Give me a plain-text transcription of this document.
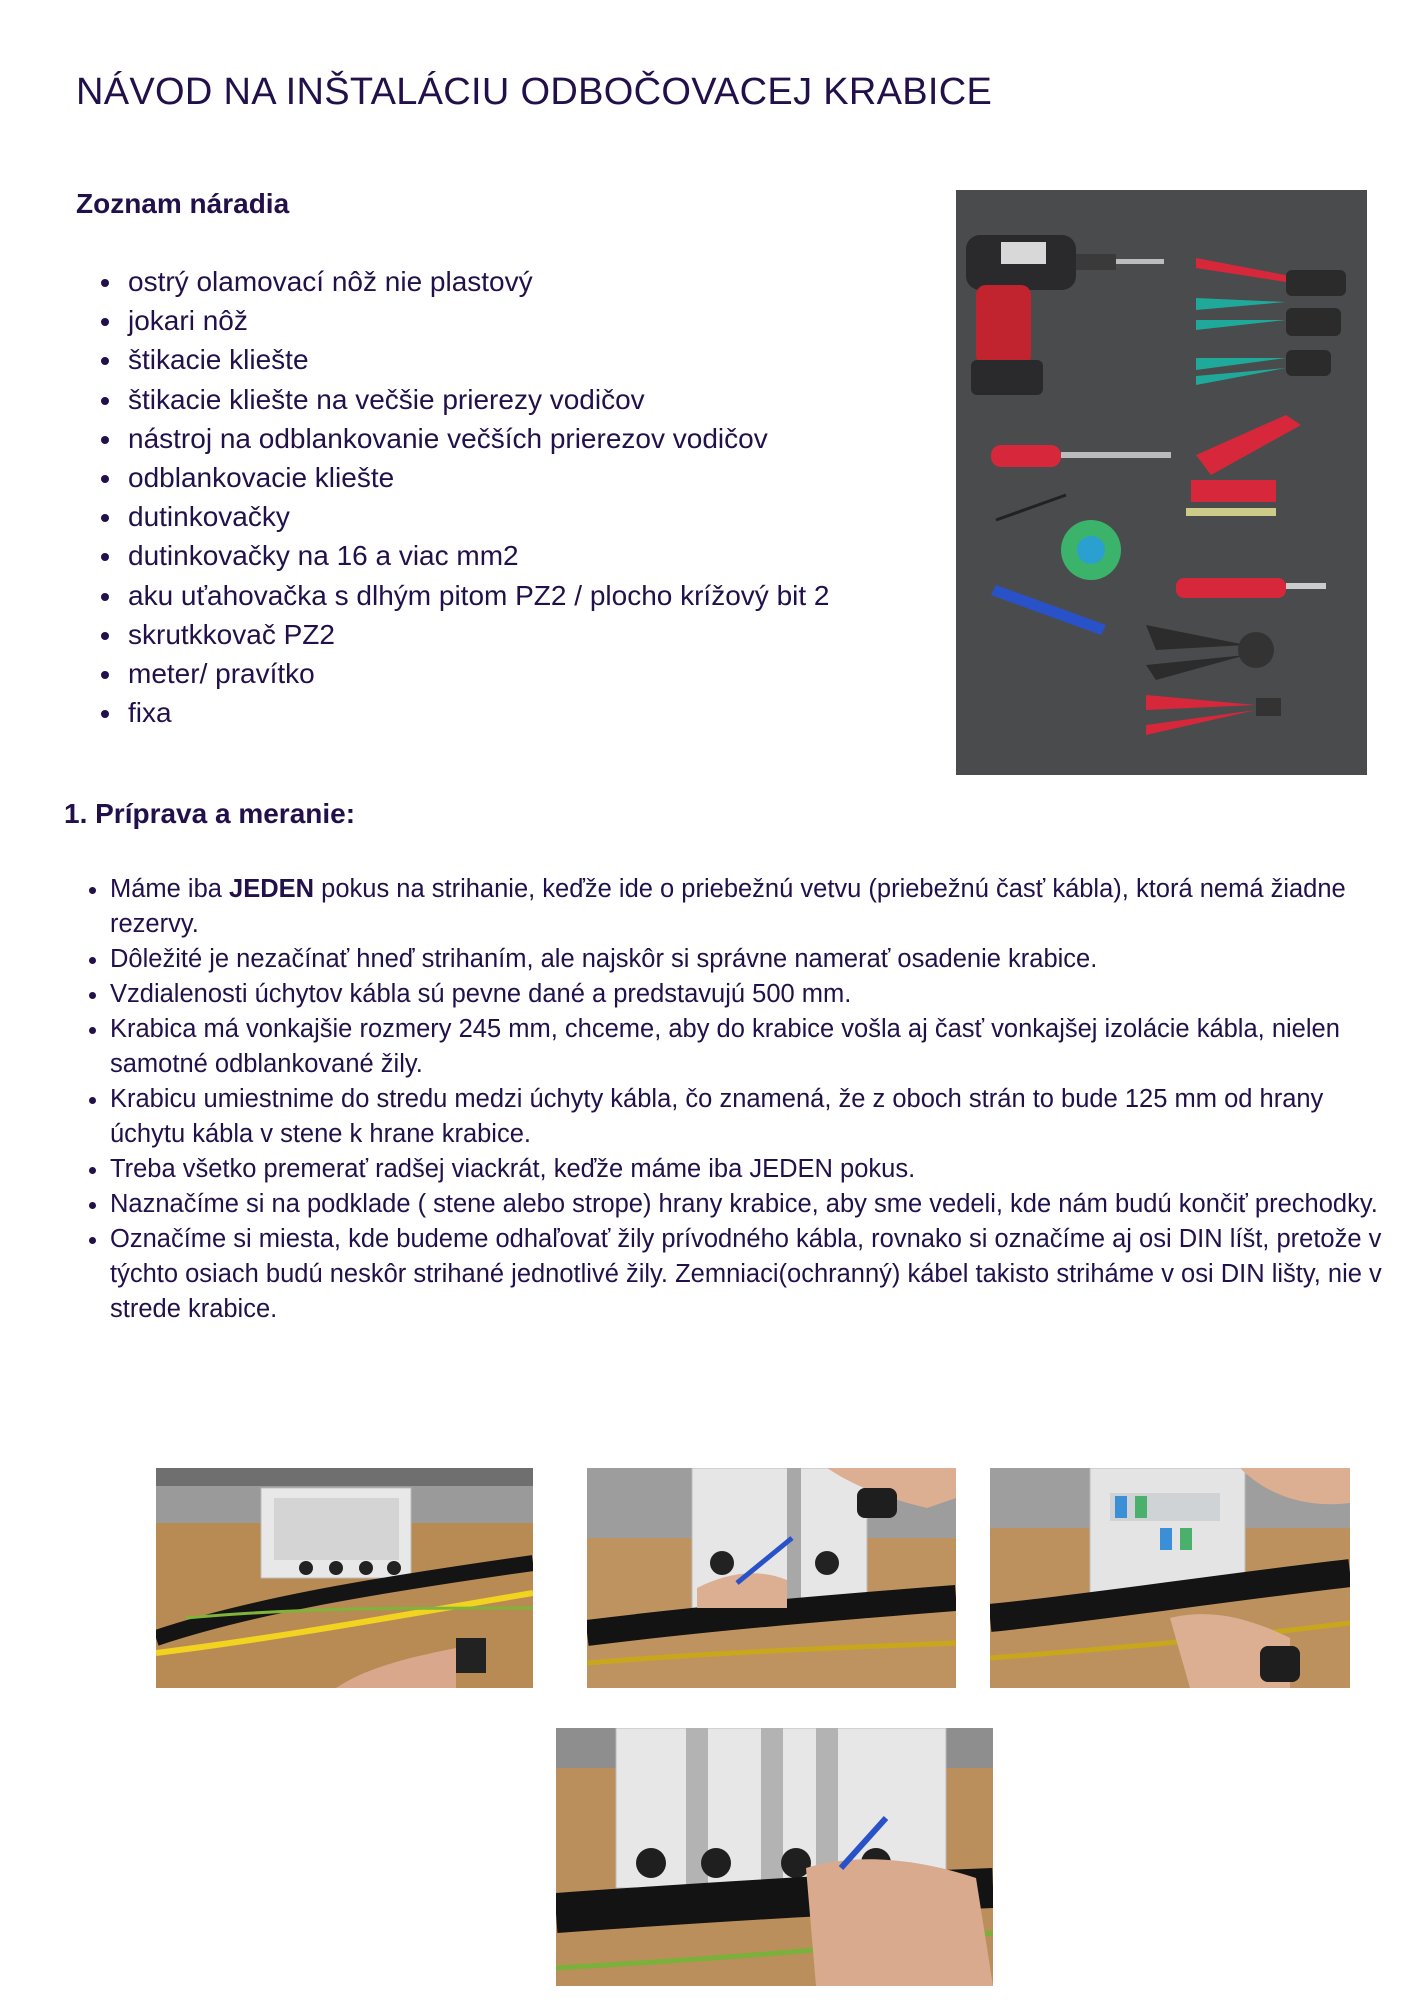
NÁVOD NA INŠTALÁCIU ODBOČOVACEJ KRABICE
Zoznam náradia
• ostrý olamovací nôž nie plastový
• jokari nôž
• štikacie kliešte
• štikacie kliešte na večšie prierezy vodičov
• nástroj na odblankovanie večších prierezov vodičov
• odblankovacie kliešte
• dutinkovačky
• dutinkovačky na 16 a viac mm2
• aku uťahovačka s dlhým pitom PZ2 / plocho krížový bit 2
• skrutkkovač PZ2
• meter/ pravítko
• fixa
1. Príprava a meranie:
• Máme iba JEDEN pokus na strihanie, keďže ide o priebežnú vetvu (priebežnú časť kábla), ktorá nemá žiadne rezervy.
• Dôležité je nezačínať hneď strihaním, ale najskôr si správne namerať osadenie krabice.
• Vzdialenosti úchytov kábla sú pevne dané a predstavujú 500 mm.
• Krabica má vonkajšie rozmery 245 mm, chceme, aby do krabice vošla aj časť vonkajšej izolácie kábla, nielen samotné odblankované žily.
• Krabicu umiestnime do stredu medzi úchyty kábla, čo znamená, že z oboch strán to bude 125 mm od hrany úchytu kábla v stene k hrane krabice.
• Treba všetko premerať radšej viackrát, keďže máme iba JEDEN pokus.
• Naznačíme si na podklade ( stene alebo strope) hrany krabice, aby sme vedeli, kde nám budú končiť prechodky.
• Označíme si miesta, kde budeme odhaľovať žily prívodného kábla, rovnako si označíme aj osi DIN líšt, pretože v týchto osiach budú neskôr strihané jednotlivé žily. Zemniaci(ochranný) kábel takisto striháme v osi DIN lišty, nie v strede krabice.
